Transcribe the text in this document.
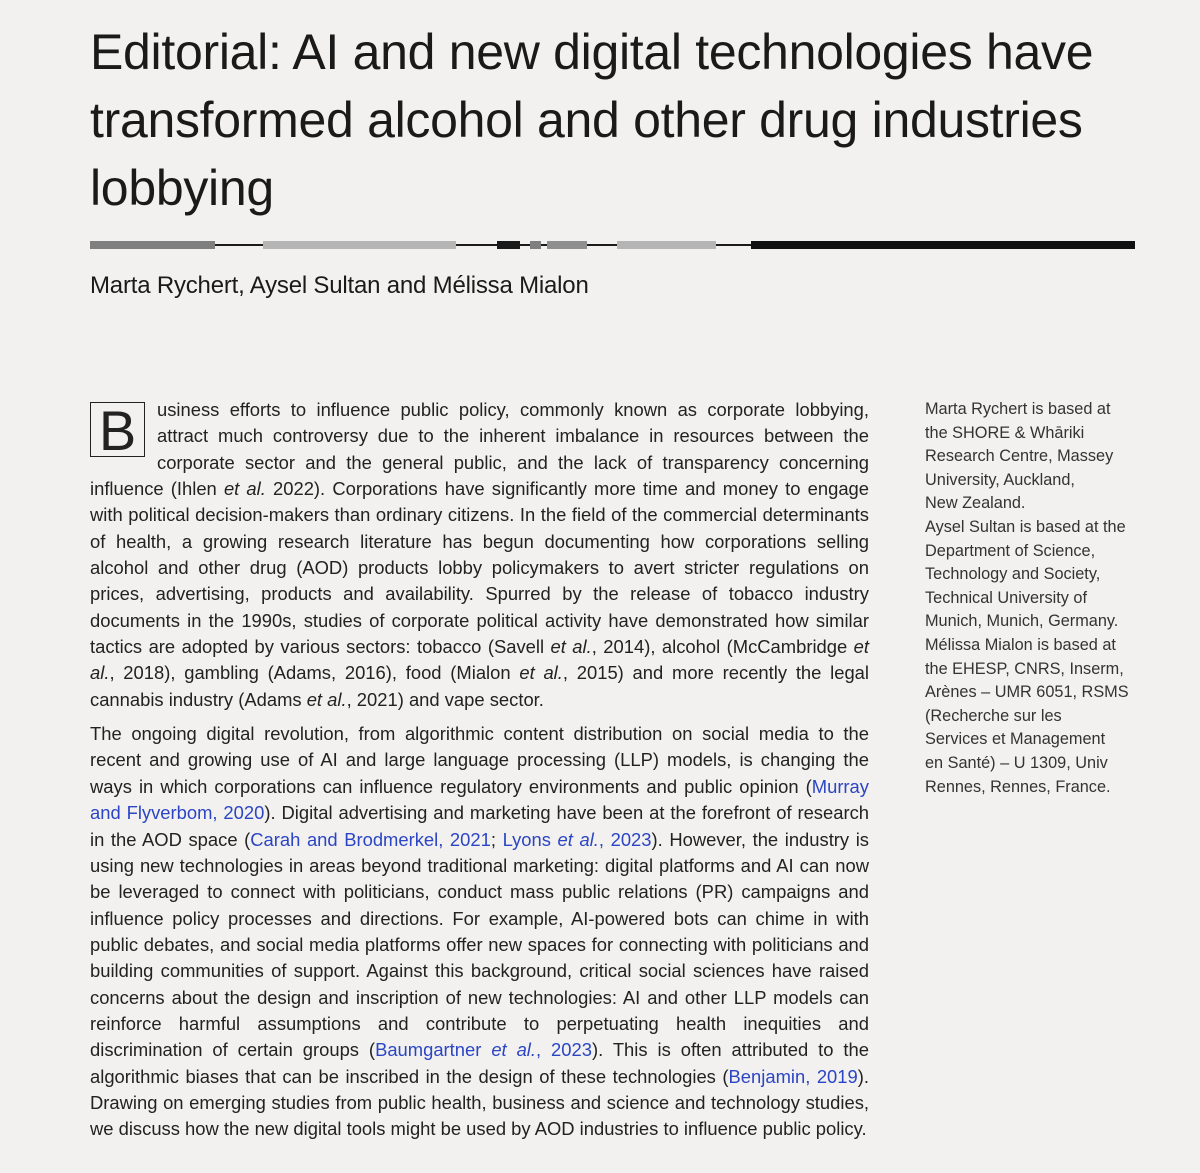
Editorial: AI and new digital technologies have transformed alcohol and other drug industries lobbying
Marta Rychert, Aysel Sultan and Mélissa Mialon

B	usiness efforts to influence public policy, commonly known as corporate lobbying, attract much controversy due to the inherent imbalance in resources between the corporate sector and the general public, and the lack of transparency concerning influence (Ihlen et al. 2022). Corporations have significantly more time and money to engage with political decision-makers than ordinary citizens. In the field of the commercial determinants of health, a growing research literature has begun documenting how corporations selling alcohol and other drug (AOD) products lobby policymakers to avert stricter regulations on prices, advertising, products and availability. Spurred by the release of tobacco industry documents in the 1990s, studies of corporate political activity have demonstrated how similar tactics are adopted by various sectors: tobacco (Savell et al., 2014), alcohol (McCambridge et al., 2018), gambling (Adams, 2016), food (Mialon et al., 2015) and more recently the legal cannabis industry (Adams et al., 2021) and vape sector.

The ongoing digital revolution, from algorithmic content distribution on social media to the recent and growing use of AI and large language processing (LLP) models, is changing the ways in which corporations can influence regulatory environments and public opinion (Murray and Flyverbom, 2020). Digital advertising and marketing have been at the forefront of research in the AOD space (Carah and Brodmerkel, 2021; Lyons et al., 2023). However, the industry is using new technologies in areas beyond traditional marketing: digital platforms and AI can now be leveraged to connect with politicians, conduct mass public relations (PR) campaigns and influence policy processes and directions. For example, AI-powered bots can chime in with public debates, and social media platforms offer new spaces for connecting with politicians and building communities of support. Against this background, critical social sciences have raised concerns about the design and inscription of new technologies: AI and other LLP models can reinforce harmful assumptions and contribute to perpetuating health inequities and discrimination of certain groups (Baumgartner et al., 2023). This is often attributed to the algorithmic biases that can be inscribed in the design of these technologies (Benjamin, 2019). Drawing on emerging studies from public health, business and science and technology studies, we discuss how the new digital tools might be used by AOD industries to influence public policy.

Marta Rychert is based at
the SHORE & Whāriki
Research Centre, Massey
University, Auckland,
New Zealand.
Aysel Sultan is based at the
Department of Science,
Technology and Society,
Technical University of
Munich, Munich, Germany.
Mélissa Mialon is based at
the EHESP, CNRS, Inserm,
Arènes – UMR 6051, RSMS
(Recherche sur les
Services et Management
en Santé) – U 1309, Univ
Rennes, Rennes, France.
